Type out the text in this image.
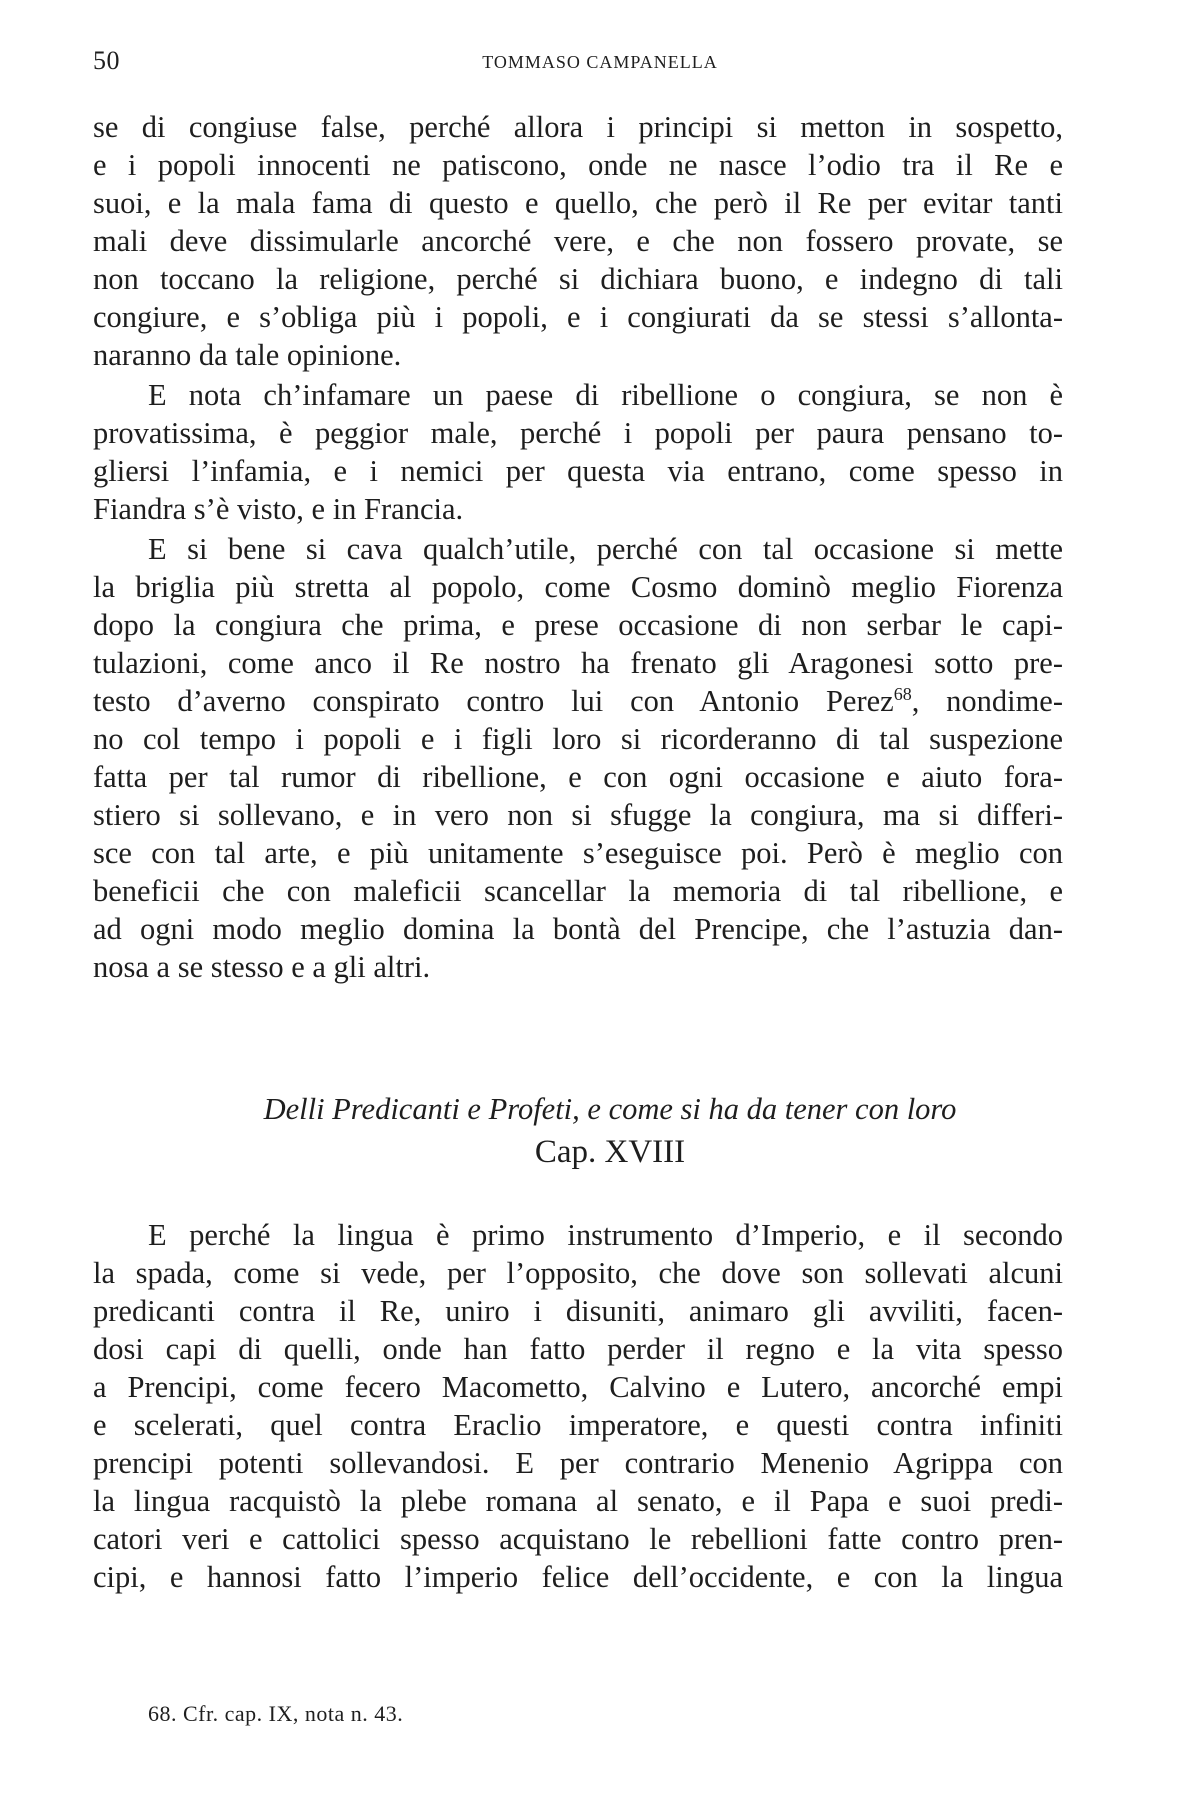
50	TOMMASO CAMPANELLA
se di congiuse false, perché allora i principi si metton in sospetto,
e i popoli innocenti ne patiscono, onde ne nasce l’odio tra il Re e
suoi, e la mala fama di questo e quello, che però il Re per evitar tanti
mali deve dissimularle ancorché vere, e che non fossero provate, se
non toccano la religione, perché si dichiara buono, e indegno di tali
congiure, e s’obliga più i popoli, e i congiurati da se stessi s’allonta-
naranno da tale opinione.
E nota ch’infamare un paese di ribellione o congiura, se non è
provatissima, è peggior male, perché i popoli per paura pensano to-
gliersi l’infamia, e i nemici per questa via entrano, come spesso in
Fiandra s’è visto, e in Francia.
E si bene si cava qualch’utile, perché con tal occasione si mette
la briglia più stretta al popolo, come Cosmo dominò meglio Fiorenza
dopo la congiura che prima, e prese occasione di non serbar le capi-
tulazioni, come anco il Re nostro ha frenato gli Aragonesi sotto pre-
testo d’averno conspirato contro lui con Antonio Perez$^{68}$, nondime-
no col tempo i popoli e i figli loro si ricorderanno di tal suspezione
fatta per tal rumor di ribellione, e con ogni occasione e aiuto fora-
stiero si sollevano, e in vero non si sfugge la congiura, ma si differi-
sce con tal arte, e più unitamente s’eseguisce poi. Però è meglio con
beneficii che con maleficii scancellar la memoria di tal ribellione, e
ad ogni modo meglio domina la bontà del Prencipe, che l’astuzia dan-
nosa a se stesso e a gli altri.
Delli Predicanti e Profeti, e come si ha da tener con loro
Cap. XVIII
E perché la lingua è primo instrumento d’Imperio, e il secondo
la spada, come si vede, per l’opposito, che dove son sollevati alcuni
predicanti contra il Re, uniro i disuniti, animaro gli avviliti, facen-
dosi capi di quelli, onde han fatto perder il regno e la vita spesso
a Prencipi, come fecero Macometto, Calvino e Lutero, ancorché empi
e scelerati, quel contra Eraclio imperatore, e questi contra infiniti
prencipi potenti sollevandosi. E per contrario Menenio Agrippa con
la lingua racquistò la plebe romana al senato, e il Papa e suoi predi-
catori veri e cattolici spesso acquistano le rebellioni fatte contro pren-
cipi, e hannosi fatto l’imperio felice dell’occidente, e con la lingua
68. Cfr. cap. IX, nota n. 43.
